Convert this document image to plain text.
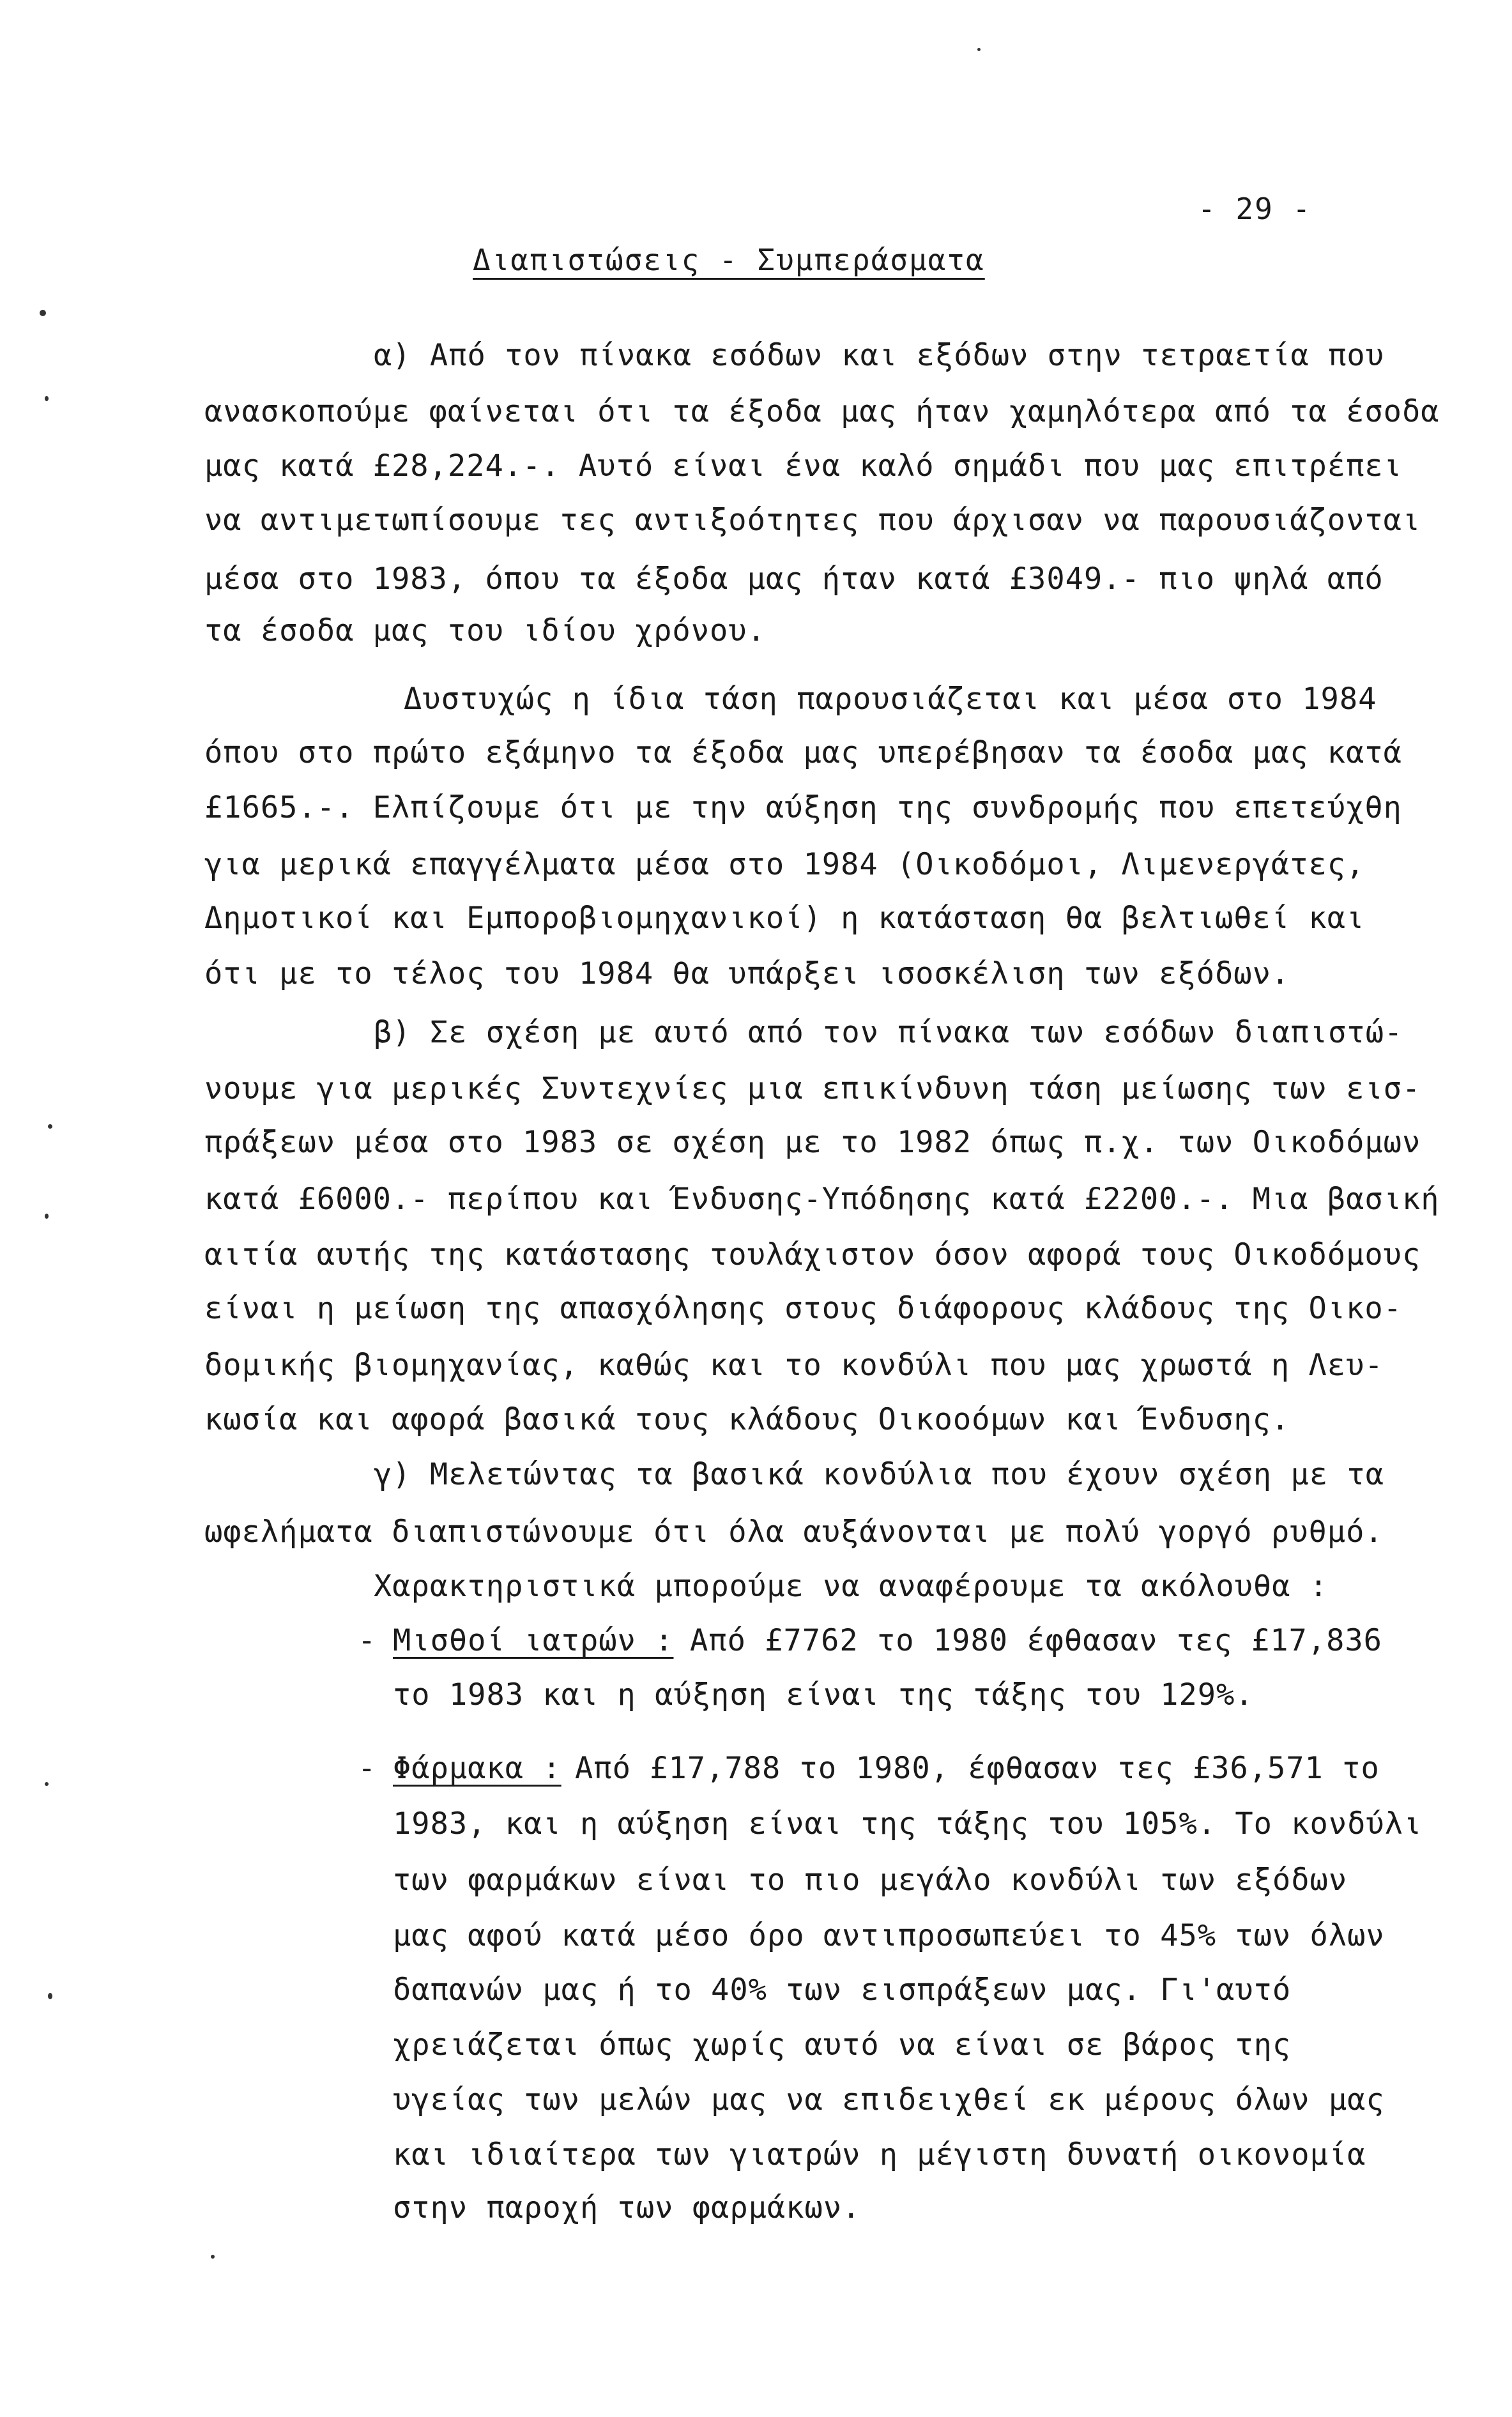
- 29 -
Διαπιστώσεις - Συμπεράσματα
α) Από τον πίνακα εσόδων και εξόδων στην τετραετία που
ανασκοπούμε φαίνεται ότι τα έξοδα μας ήταν χαμηλότερα από τα έσοδα
μας κατά £28,224.-. Αυτό είναι ένα καλό σημάδι που μας επιτρέπει
να αντιμετωπίσουμε τες αντιξοότητες που άρχισαν να παρουσιάζονται
μέσα στο 1983, όπου τα έξοδα μας ήταν κατά £3049.- πιο ψηλά από
τα έσοδα μας του ιδίου χρόνου.
Δυστυχώς η ίδια τάση παρουσιάζεται και μέσα στο 1984
όπου στο πρώτο εξάμηνο τα έξοδα μας υπερέβησαν τα έσοδα μας κατά
£1665.-. Ελπίζουμε ότι με την αύξηση της συνδρομής που επετεύχθη
για μερικά επαγγέλματα μέσα στο 1984 (Οικοδόμοι, Λιμενεργάτες,
Δημοτικοί και Εμποροβιομηχανικοί) η κατάσταση θα βελτιωθεί και
ότι με το τέλος του 1984 θα υπάρξει ισοσκέλιση των εξόδων.
β) Σε σχέση με αυτό από τον πίνακα των εσόδων διαπιστώ-
νουμε για μερικές Συντεχνίες μια επικίνδυνη τάση μείωσης των εισ-
πράξεων μέσα στο 1983 σε σχέση με το 1982 όπως π.χ. των Οικοδόμων
κατά £6000.- περίπου και Ένδυσης-Υπόδησης κατά £2200.-. Μια βασική
αιτία αυτής της κατάστασης τουλάχιστον όσον αφορά τους Οικοδόμους
είναι η μείωση της απασχόλησης στους διάφορους κλάδους της Οικο-
δομικής βιομηχανίας, καθώς και το κονδύλι που μας χρωστά η Λευ-
κωσία και αφορά βασικά τους κλάδους Οικοοόμων και Ένδυσης.
γ) Μελετώντας τα βασικά κονδύλια που έχουν σχέση με τα
ωφελήματα διαπιστώνουμε ότι όλα αυξάνονται με πολύ γοργό ρυθμό.
Χαρακτηριστικά μπορούμε να αναφέρουμε τα ακόλουθα :
- Μισθοί ιατρών : Από £7762 το 1980 έφθασαν τες £17,836
το 1983 και η αύξηση είναι της τάξης του 129%.
- Φάρμακα : Από £17,788 το 1980, έφθασαν τες £36,571 το
1983, και η αύξηση είναι της τάξης του 105%. Το κονδύλι
των φαρμάκων είναι το πιο μεγάλο κονδύλι των εξόδων
μας αφού κατά μέσο όρο αντιπροσωπεύει το 45% των όλων
δαπανών μας ή το 40% των εισπράξεων μας. Γι'αυτό
χρειάζεται όπως χωρίς αυτό να είναι σε βάρος της
υγείας των μελών μας να επιδειχθεί εκ μέρους όλων μας
και ιδιαίτερα των γιατρών η μέγιστη δυνατή οικονομία
στην παροχή των φαρμάκων.
